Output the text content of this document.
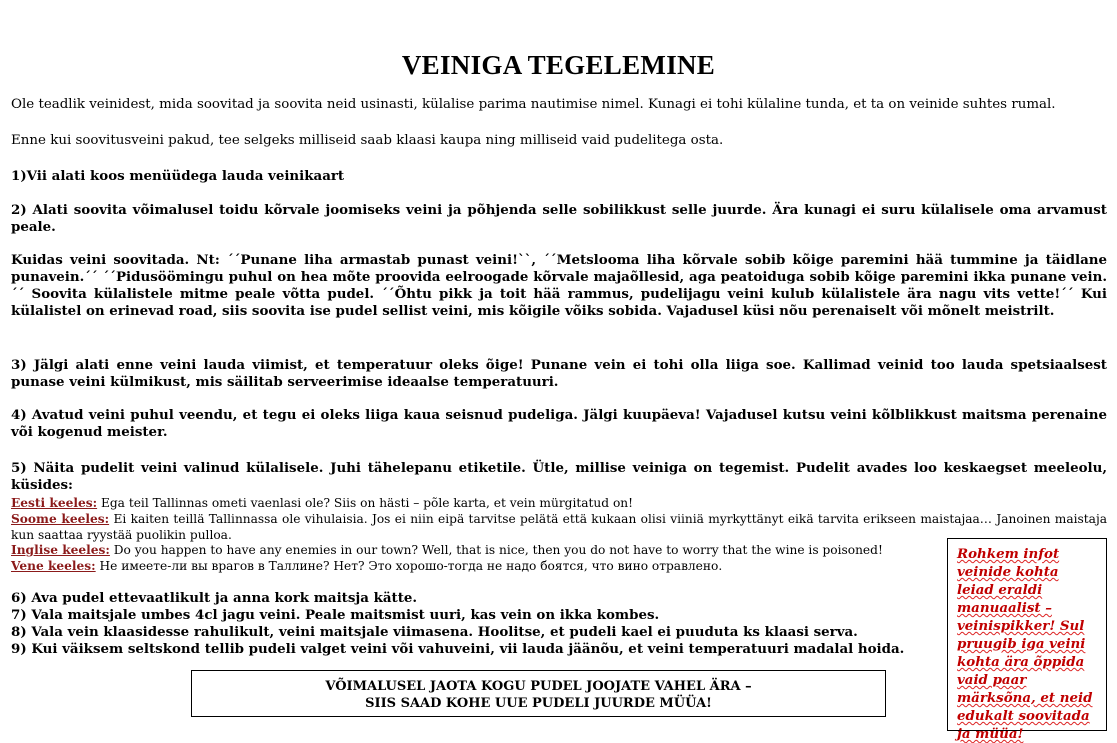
VEINIGA TEGELEMINE

Ole teadlik veinidest, mida soovitad ja soovita neid usinasti, külalise parima nautimise nimel. Kunagi ei tohi külaline tunda, et ta on veinide suhtes rumal.

Enne kui soovitusveini pakud, tee selgeks milliseid saab klaasi kaupa ning milliseid vaid pudelitega osta.

1)Vii alati koos menüüdega lauda veinikaart

2) Alati soovita võimalusel toidu kõrvale joomiseks veini ja põhjenda selle sobilikkust selle juurde. Ära kunagi ei suru külalisele oma arvamust peale.

Kuidas veini soovitada. Nt: ´´Punane liha armastab punast veini!``, ´´Metslooma liha kõrvale sobib kõige paremini hää tummine ja täidlane punavein.´´ ´´Pidusöömingu puhul on hea mõte proovida eelroogade kõrvale majaõllesid, aga peatoiduga sobib kõige paremini ikka punane vein.´´ Soovita külalistele mitme peale võtta pudel. ´´Õhtu pikk ja toit hää rammus, pudelijagu veini kulub külalistele ära nagu vits vette!´´ Kui külalistel on erinevad road, siis soovita ise pudel sellist veini, mis kõigile võiks sobida. Vajadusel küsi nõu perenaiselt või mõnelt meistrilt.

3) Jälgi alati enne veini lauda viimist, et temperatuur oleks õige! Punane vein ei tohi olla liiga soe. Kallimad veinid too lauda spetsiaalsest punase veini külmikust, mis säilitab serveerimise ideaalse temperatuuri.

4) Avatud veini puhul veendu, et tegu ei oleks liiga kaua seisnud pudeliga. Jälgi kuupäeva! Vajadusel kutsu veini kõlblikkust maitsma perenaine või kogenud meister.

5) Näita pudelit veini valinud külalisele. Juhi tähelepanu etiketile. Ütle, millise veiniga on tegemist. Pudelit avades loo keskaegset meeleolu, küsides:

Eesti keeles: Ega teil Tallinnas ometi vaenlasi ole? Siis on hästi – põle karta, et vein mürgitatud on!

Soome keeles: Ei kaiten teillä Tallinnassa ole vihulaisia. Jos ei niin eipä tarvitse pelätä että kukaan olisi viiniä myrkyttänyt eikä tarvita erikseen maistajaa… Janoinen maistaja kun saattaa ryystää puolikin pulloa.

Inglise keeles: Do you happen to have any enemies in our town? Well, that is nice, then you do not have to worry that the wine is poisoned!

Vene keeles: Не имеете-ли вы врагов в Таллине? Нет? Это хорошо-тогда не надо боятся, что вино отравлено.

6) Ava pudel ettevaatlikult ja anna kork maitsja kätte.

7) Vala maitsjale umbes 4cl jagu veini. Peale maitsmist uuri, kas vein on ikka kombes.

8) Vala vein klaasidesse rahulikult, veini maitsjale viimasena. Hoolitse, et pudeli kael ei puuduta ks klaasi serva.

9) Kui väiksem seltskond tellib pudeli valget veini või vahuveini, vii lauda jäänõu, et veini temperatuuri madalal hoida.

VÕIMALUSEL JAOTA KOGU PUDEL JOOJATE VAHEL ÄRA –
SIIS SAAD KOHE UUE PUDELI JUURDE MÜÜA!
Rohkem infot veinide kohta leiad eraldi manuaalist – veinispikker! Sul pruugib iga veini kohta ära õppida vaid paar märksõna, et neid edukalt soovitada ja müüa!
